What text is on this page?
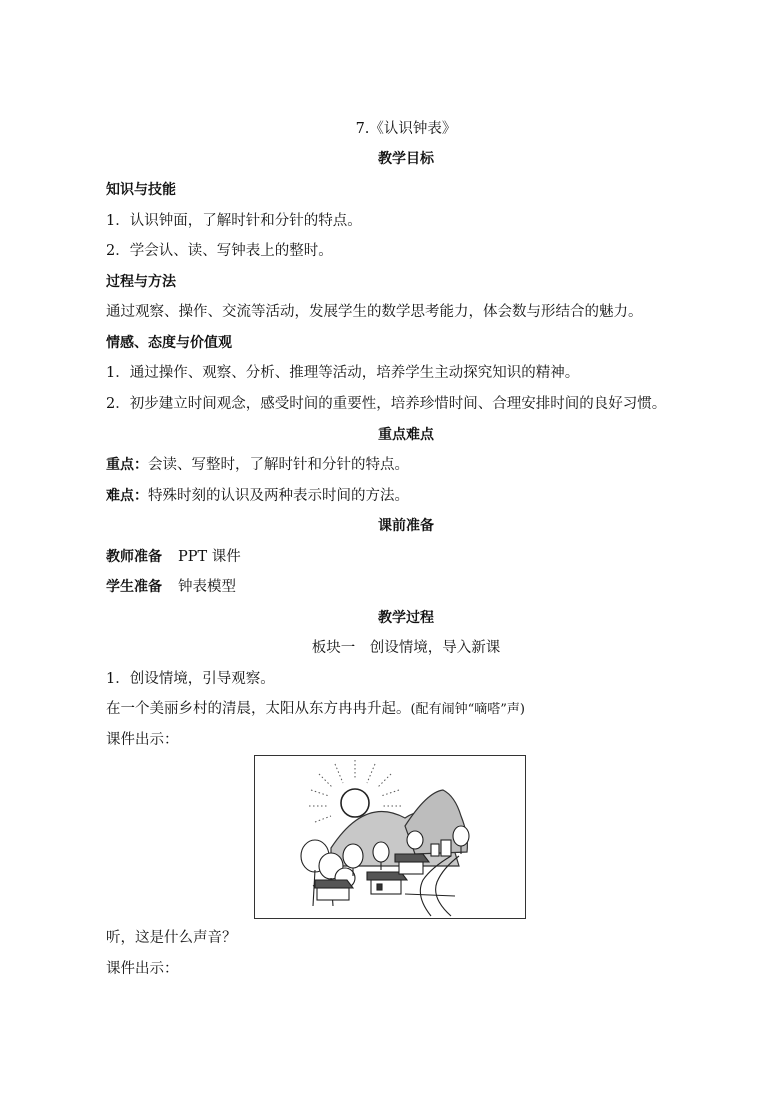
7.《认识钟表》
教学目标
知识与技能
1．认识钟面，了解时针和分针的特点。
2．学会认、读、写钟表上的整时。
过程与方法
通过观察、操作、交流等活动，发展学生的数学思考能力，体会数与形结合的魅力。
情感、态度与价值观
1．通过操作、观察、分析、推理等活动，培养学生主动探究知识的精神。
2．初步建立时间观念，感受时间的重要性，培养珍惜时间、合理安排时间的良好习惯。
重点难点
重点：会读、写整时，了解时针和分针的特点。
难点：特殊时刻的认识及两种表示时间的方法。
课前准备
教师准备 PPT 课件
学生准备 钟表模型
教学过程
板块一　创设情境，导入新课
1．创设情境，引导观察。
在一个美丽乡村的清晨，太阳从东方冉冉升起。(配有闹钟“嘀嗒”声)
课件出示：
听，这是什么声音？
课件出示：
